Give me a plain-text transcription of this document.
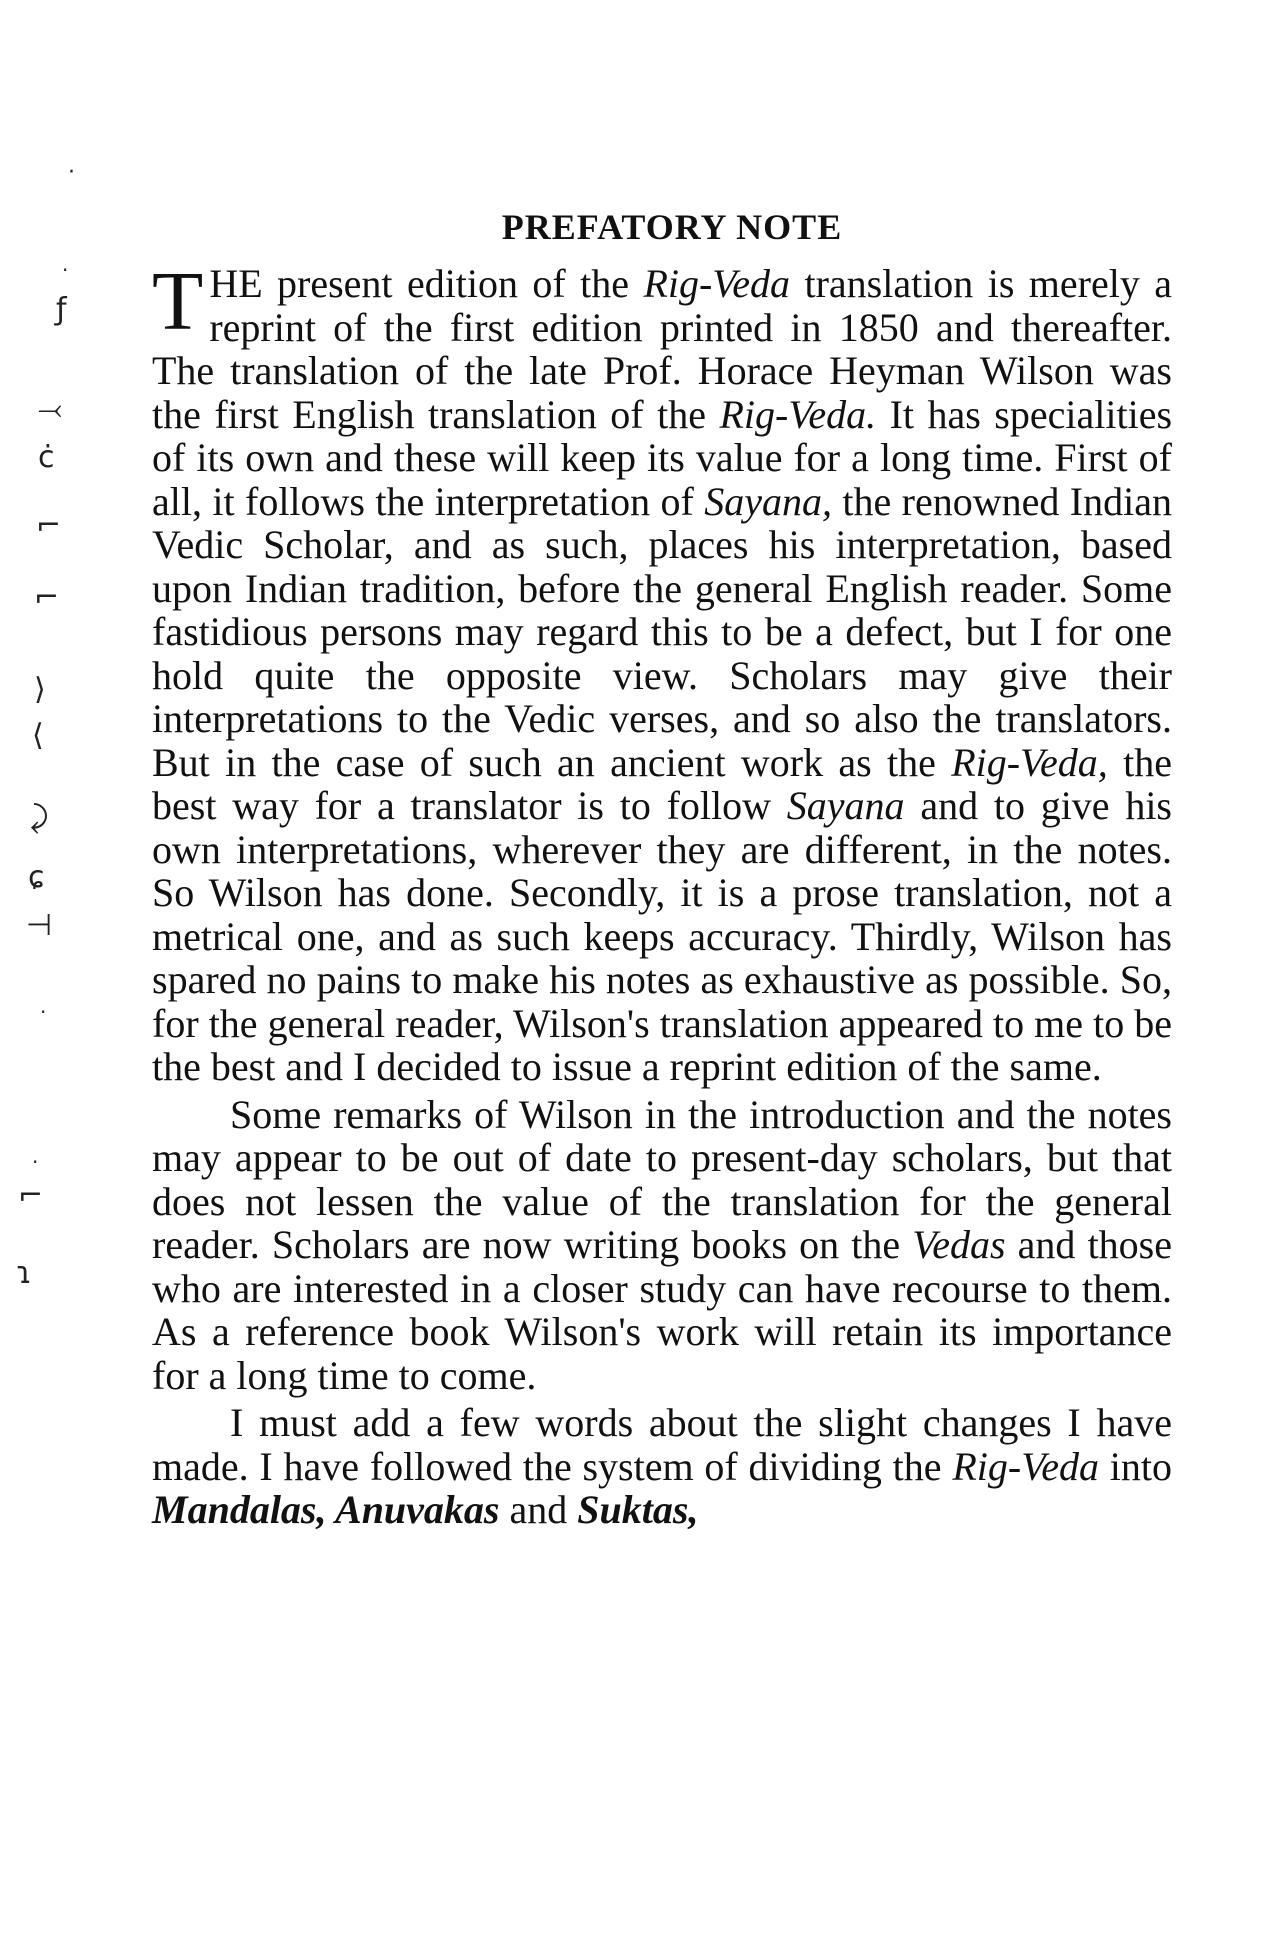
·
·
ƒ
⤙
ċ
⌐
⌐
⟩
⟨
⤸
ɕ
⊣
·
·
⌐
ɿ
PREFATORY NOTE

THE present edition of the Rig-Veda translation is merely a reprint of the first edition printed in 1850 and thereafter. The translation of the late Prof. Horace Heyman Wilson was the first English translation of the Rig-Veda. It has specialities of its own and these will keep its value for a long time. First of all, it follows the interpretation of Sayana, the renowned Indian Vedic Scholar, and as such, places his interpretation, based upon Indian tradition, before the general English reader. Some fastidious persons may regard this to be a defect, but I for one hold quite the opposite view. Scholars may give their interpretations to the Vedic verses, and so also the translators. But in the case of such an ancient work as the Rig-Veda, the best way for a translator is to follow Sayana and to give his own interpretations, wherever they are different, in the notes. So Wilson has done. Secondly, it is a prose translation, not a metrical one, and as such keeps accuracy. Thirdly, Wilson has spared no pains to make his notes as exhaustive as possible. So, for the general reader, Wilson's translation appeared to me to be the best and I decided to issue a reprint edition of the same.

Some remarks of Wilson in the introduction and the notes may appear to be out of date to present-day scholars, but that does not lessen the value of the translation for the general reader. Scholars are now writing books on the Vedas and those who are interested in a closer study can have recourse to them. As a reference book Wilson's work will retain its importance for a long time to come.

I must add a few words about the slight changes I have made. I have followed the system of dividing the Rig-Veda into Mandalas, Anuvakas and Suktas,
